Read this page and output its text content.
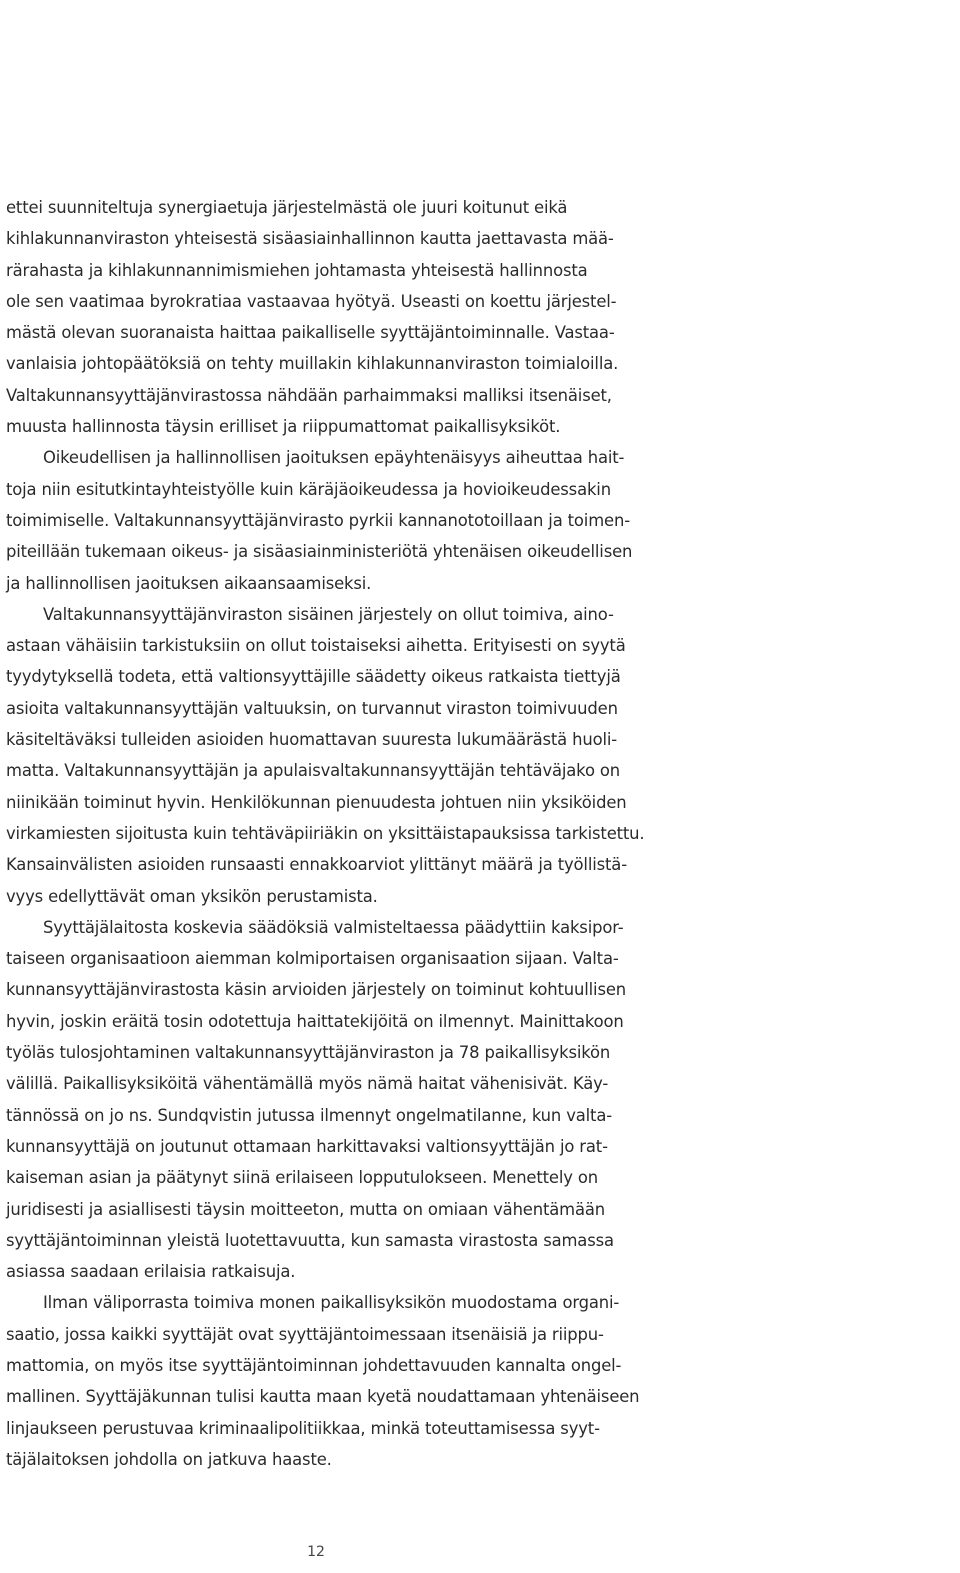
ettei suunniteltuja synergiaetuja järjestelmästä ole juuri koitunut eikä
kihlakunnanviraston yhteisestä sisäasiainhallinnon kautta jaettavasta mää-
rärahasta ja kihlakunnannimismiehen johtamasta yhteisestä hallinnosta
ole sen vaatimaa byrokratiaa vastaavaa hyötyä. Useasti on koettu järjestel-
mästä olevan suoranaista haittaa paikalliselle syyttäjäntoiminnalle. Vastaa-
vanlaisia johtopäätöksiä on tehty muillakin kihlakunnanviraston toimialoilla.
Valtakunnansyyttäjänvirastossa nähdään parhaimmaksi malliksi itsenäiset,
muusta hallinnosta täysin erilliset ja riippumattomat paikallisyksiköt.
Oikeudellisen ja hallinnollisen jaoituksen epäyhtenäisyys aiheuttaa hait-
toja niin esitutkintayhteistyölle kuin käräjäoikeudessa ja hovioikeudessakin
toimimiselle. Valtakunnansyyttäjänvirasto pyrkii kannanototoillaan ja toimen-
piteillään tukemaan oikeus- ja sisäasiainministeriötä yhtenäisen oikeudellisen
ja hallinnollisen jaoituksen aikaansaamiseksi.
Valtakunnansyyttäjänviraston sisäinen järjestely on ollut toimiva, aino-
astaan vähäisiin tarkistuksiin on ollut toistaiseksi aihetta. Erityisesti on syytä
tyydytyksellä todeta, että valtionsyyttäjille säädetty oikeus ratkaista tiettyjä
asioita valtakunnansyyttäjän valtuuksin, on turvannut viraston toimivuuden
käsiteltäväksi tulleiden asioiden huomattavan suuresta lukumäärästä huoli-
matta. Valtakunnansyyttäjän ja apulaisvaltakunnansyyttäjän tehtäväjako on
niinikään toiminut hyvin. Henkilökunnan pienuudesta johtuen niin yksiköiden
virkamiesten sijoitusta kuin tehtäväpiiriäkin on yksittäistapauksissa tarkistettu.
Kansainvälisten asioiden runsaasti ennakkoarviot ylittänyt määrä ja työllistä-
vyys edellyttävät oman yksikön perustamista.
Syyttäjälaitosta koskevia säädöksiä valmisteltaessa päädyttiin kaksipor-
taiseen organisaatioon aiemman kolmiportaisen organisaation sijaan. Valta-
kunnansyyttäjänvirastosta käsin arvioiden järjestely on toiminut kohtuullisen
hyvin, joskin eräitä tosin odotettuja haittatekijöitä on ilmennyt. Mainittakoon
työläs tulosjohtaminen valtakunnansyyttäjänviraston ja 78 paikallisyksikön
välillä. Paikallisyksiköitä vähentämällä myös nämä haitat vähenisivät. Käy-
tännössä on jo ns. Sundqvistin jutussa ilmennyt ongelmatilanne, kun valta-
kunnansyyttäjä on joutunut ottamaan harkittavaksi valtionsyyttäjän jo rat-
kaiseman asian ja päätynyt siinä erilaiseen lopputulokseen. Menettely on
juridisesti ja asiallisesti täysin moitteeton, mutta on omiaan vähentämään
syyttäjäntoiminnan yleistä luotettavuutta, kun samasta virastosta samassa
asiassa saadaan erilaisia ratkaisuja.
Ilman väliporrasta toimiva monen paikallisyksikön muodostama organi-
saatio, jossa kaikki syyttäjät ovat syyttäjäntoimessaan itsenäisiä ja riippu-
mattomia, on myös itse syyttäjäntoiminnan johdettavuuden kannalta ongel-
mallinen. Syyttäjäkunnan tulisi kautta maan kyetä noudattamaan yhtenäiseen
linjaukseen perustuvaa kriminaalipolitiikkaa, minkä toteuttamisessa syyt-
täjälaitoksen johdolla on jatkuva haaste.
12
